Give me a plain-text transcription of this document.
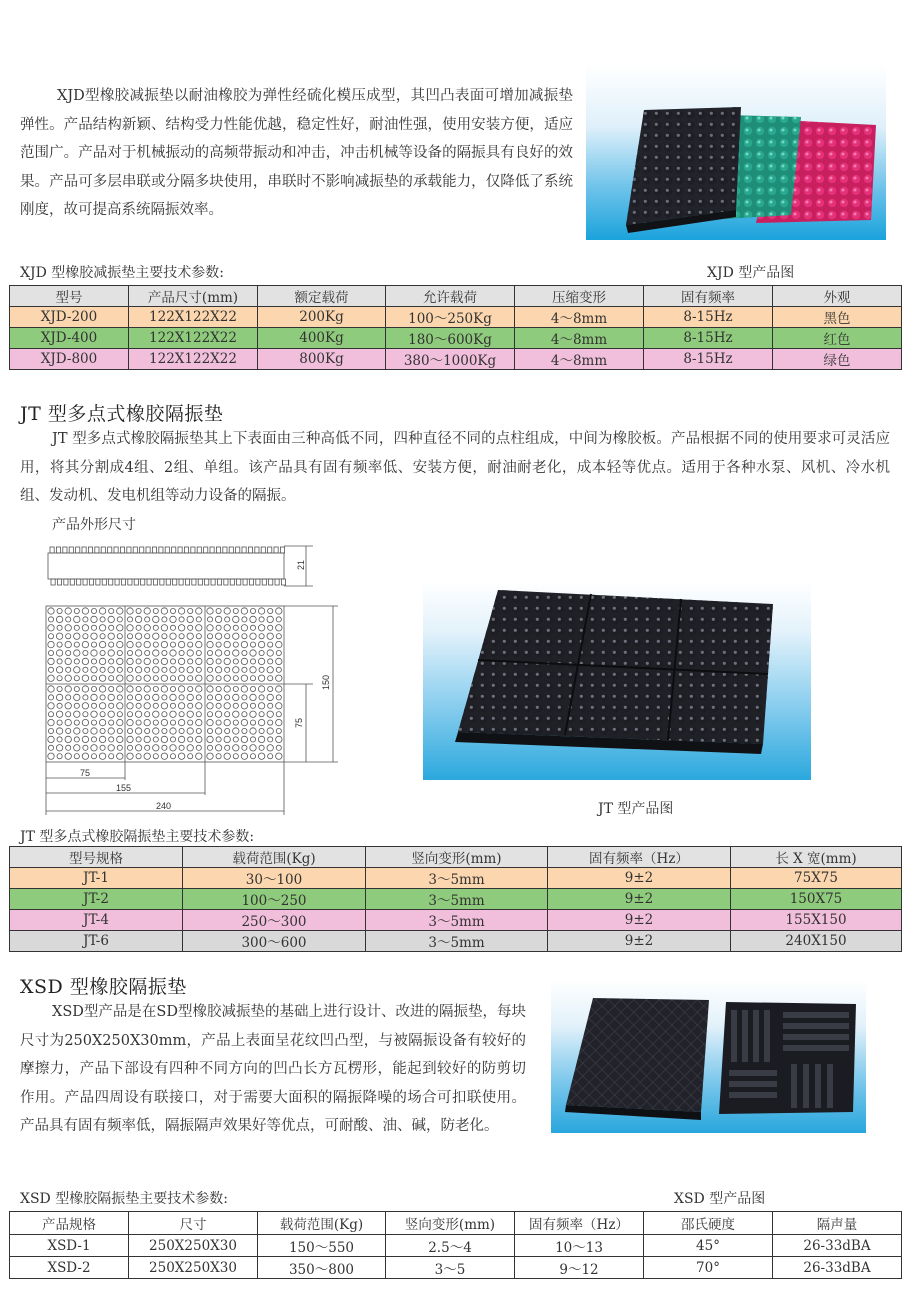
XJD型橡胶减振垫以耐油橡胶为弹性经硫化模压成型，其凹凸表面可增加减振垫弹性。产品结构新颖、结构受力性能优越，稳定性好，耐油性强，使用安装方便，适应范围广。产品对于机械振动的高频带振动和冲击，冲击机械等设备的隔振具有良好的效果。产品可多层串联或分隔多块使用，串联时不影响减振垫的承载能力，仅降低了系统刚度，故可提高系统隔振效率。

XJD 型橡胶减振垫主要技术参数:	XJD 型产品图
型号	产品尺寸(mm)	额定载荷	允许载荷	压缩变形	固有频率	外观
XJD-200	122X122X22	200Kg	100～250Kg	4～8mm	8-15Hz	黑色
XJD-400	122X122X22	400Kg	180～600Kg	4～8mm	8-15Hz	红色
XJD-800	122X122X22	800Kg	380～1000Kg	4～8mm	8-15Hz	绿色
JT 型多点式橡胶隔振垫

JT 型多点式橡胶隔振垫其上下表面由三种高低不同，四种直径不同的点柱组成，中间为橡胶板。产品根据不同的使用要求可灵活应用，将其分割成4组、2组、单组。该产品具有固有频率低、安装方便，耐油耐老化，成本轻等优点。适用于各种水泵、风机、冷水机组、发动机、发电机组等动力设备的隔振。

产品外形尺寸
21
150
75
75
155
240	JT 型产品图
JT 型多点式橡胶隔振垫主要技术参数:
型号规格	载荷范围(Kg)	竖向变形(mm)	固有频率（Hz）	长 X 宽(mm)
JT-1	30～100	3～5mm	9±2	75X75
JT-2	100～250	3～5mm	9±2	150X75
JT-4	250～300	3～5mm	9±2	155X150
JT-6	300～600	3～5mm	9±2	240X150
XSD 型橡胶隔振垫

XSD型产品是在SD型橡胶减振垫的基础上进行设计、改进的隔振垫，每块尺寸为250X250X30mm，产品上表面呈花纹凹凸型，与被隔振设备有较好的摩擦力，产品下部设有四种不同方向的凹凸长方瓦楞形，能起到较好的防剪切作用。产品四周设有联接口，对于需要大面积的隔振降噪的场合可扣联使用。产品具有固有频率低，隔振隔声效果好等优点，可耐酸、油、碱，防老化。

XSD 型橡胶隔振垫主要技术参数:	XSD 型产品图
产品规格	尺寸	载荷范围(Kg)	竖向变形(mm)	固有频率（Hz）	邵氏硬度	隔声量
XSD-1	250X250X30	150～550	2.5～4	10～13	45°	26-33dBA
XSD-2	250X250X30	350～800	3～5	9～12	70°	26-33dBA
